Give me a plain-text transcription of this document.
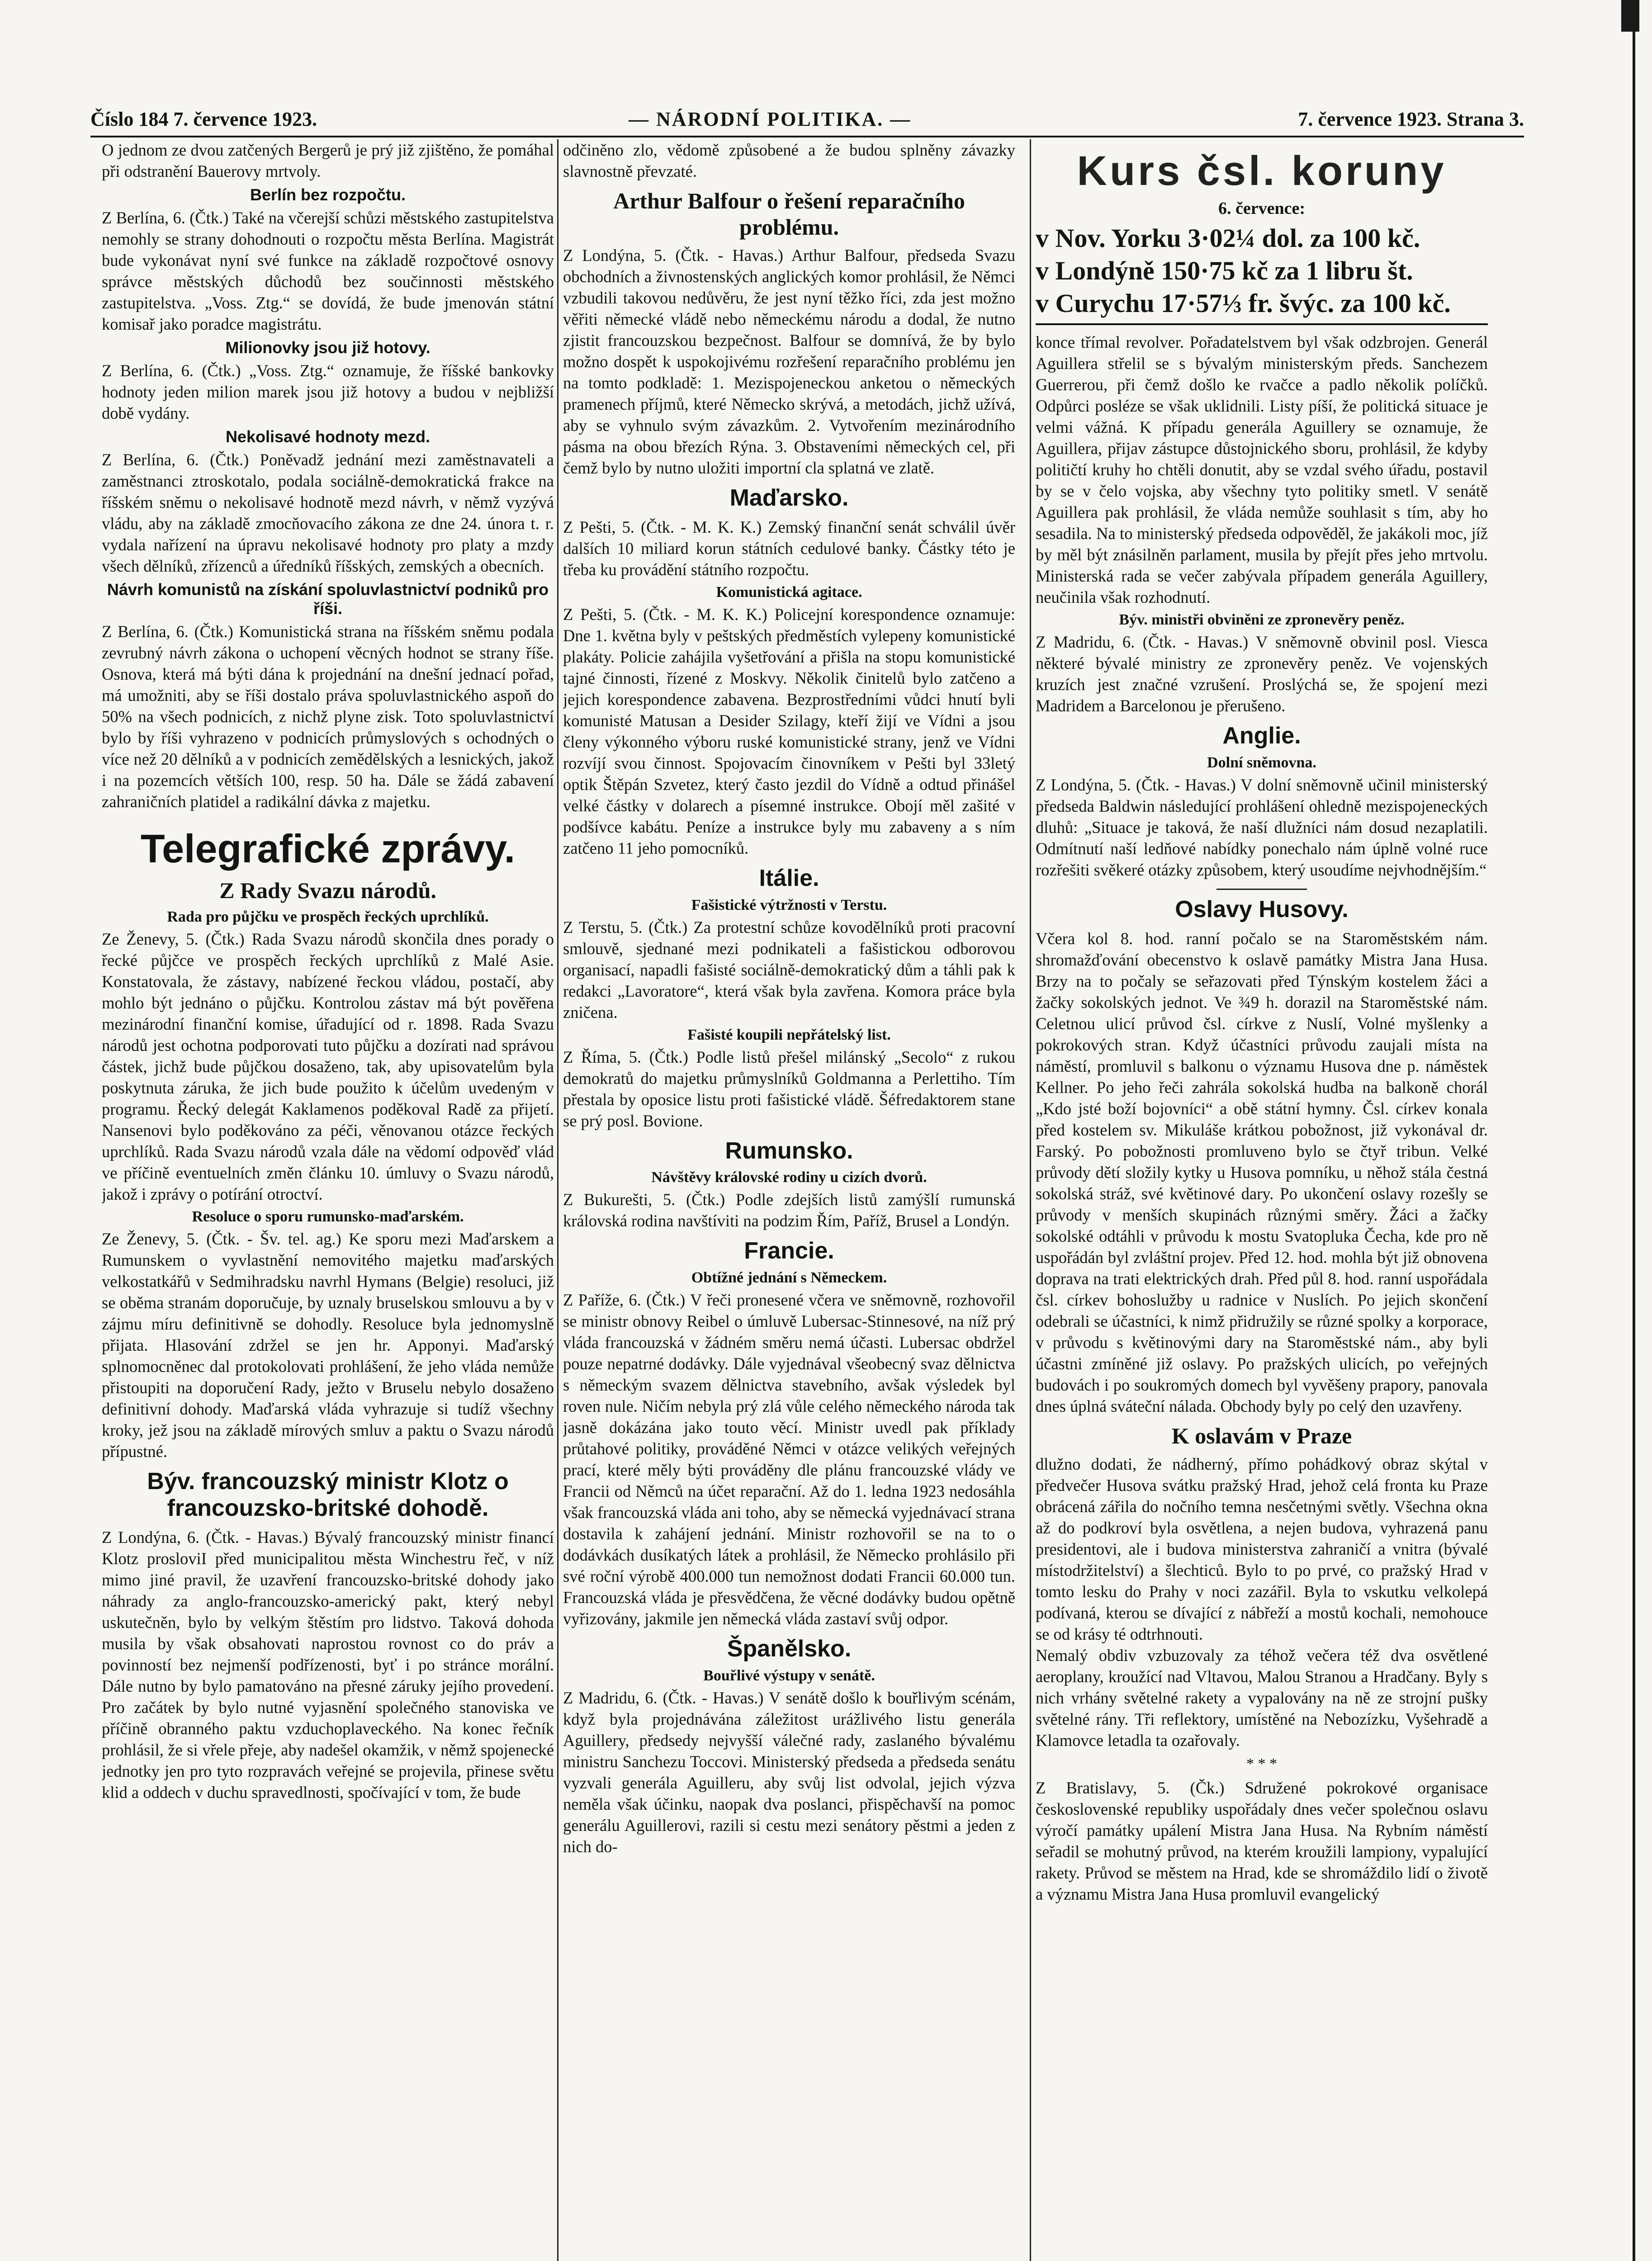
Číslo 184 7. července 1923.	— NÁRODNÍ POLITIKA. —	7. července 1923. Strana 3.

O jednom ze dvou zatčených Bergerů je prý již zjištěno, že pomáhal při odstranění Bauerovy mrtvoly.

Berlín bez rozpočtu.

Z Berlína, 6. (Čtk.) Také na včerejší schůzi městského zastupitelstva nemohly se strany dohodnouti o rozpočtu města Berlína. Magistrát bude vykonávat nyní své funkce na základě rozpočtové osnovy správce městských důchodů bez součinnosti městského zastupitelstva. „Voss. Ztg.“ se dovídá, že bude jmenován státní komisař jako poradce magistrátu.

Milionovky jsou již hotovy.

Z Berlína, 6. (Čtk.) „Voss. Ztg.“ oznamuje, že říšské bankovky hodnoty jeden milion marek jsou již hotovy a budou v nejbližší době vydány.

Nekolisavé hodnoty mezd.

Z Berlína, 6. (Čtk.) Poněvadž jednání mezi zaměstnavateli a zaměstnanci ztroskotalo, podala sociálně-demokratická frakce na říšském sněmu o nekolisavé hodnotě mezd návrh, v němž vyzývá vládu, aby na základě zmocňovacího zákona ze dne 24. února t. r. vydala nařízení na úpravu nekolisavé hodnoty pro platy a mzdy všech dělníků, zřízenců a úředníků říšských, zemských a obecních.

Návrh komunistů na získání spoluvlastnictví podniků pro říši.

Z Berlína, 6. (Čtk.) Komunistická strana na říšském sněmu podala zevrubný návrh zákona o uchopení věcných hodnot se strany říše. Osnova, která má býti dána k projednání na dnešní jednací pořad, má umožniti, aby se říši dostalo práva spoluvlastnického aspoň do 50% na všech podnicích, z nichž plyne zisk. Toto spoluvlastnictví bylo by říši vyhrazeno v podnicích průmyslových s ochodných o více než 20 dělníků a v podnicích zemědělských a lesnických, jakož i na pozemcích větších 100, resp. 50 ha. Dále se žádá zabavení zahraničních platidel a radikální dávka z majetku.

Telegrafické zprávy.
Z Rady Svazu národů.
Rada pro půjčku ve prospěch řeckých uprchlíků.

Ze Ženevy, 5. (Čtk.) Rada Svazu národů skončila dnes porady o řecké půjčce ve prospěch řeckých uprchlíků z Malé Asie. Konstatovala, že zástavy, nabízené řeckou vládou, postačí, aby mohlo být jednáno o půjčku. Kontrolou zástav má být pověřena mezinárodní finanční komise, úřadující od r. 1898. Rada Svazu národů jest ochotna podporovati tuto půjčku a dozírati nad správou částek, jichž bude půjčkou dosaženo, tak, aby upisovatelům byla poskytnuta záruka, že jich bude použito k účelům uvedeným v programu. Řecký delegát Kaklamenos poděkoval Radě za přijetí. Nansenovi bylo poděkováno za péči, věnovanou otázce řeckých uprchlíků. Rada Svazu národů vzala dále na vědomí odpověď vlád ve příčině eventuelních změn článku 10. úmluvy o Svazu národů, jakož i zprávy o potírání otroctví.

Resoluce o sporu rumunsko-maďarském.

Ze Ženevy, 5. (Čtk. - Šv. tel. ag.) Ke sporu mezi Maďarskem a Rumunskem o vyvlastnění nemovitého majetku maďarských velkostatkářů v Sedmihradsku navrhl Hymans (Belgie) resoluci, již se oběma stranám doporučuje, by uznaly bruselskou smlouvu a by v zájmu míru definitivně se dohodly. Resoluce byla jednomyslně přijata. Hlasování zdržel se jen hr. Apponyi. Maďarský splnomocněnec dal protokolovati prohlášení, že jeho vláda nemůže přistoupiti na doporučení Rady, ježto v Bruselu nebylo dosaženo definitivní dohody. Maďarská vláda vyhrazuje si tudíž všechny kroky, jež jsou na základě mírových smluv a paktu o Svazu národů přípustné.

Býv. francouzský ministr Klotz o francouzsko-britské dohodě.

Z Londýna, 6. (Čtk. - Havas.) Bývalý francouzský ministr financí Klotz prosloviI před municipalitou města Winchestru řeč, v níž mimo jiné pravil, že uzavření francouzsko-britské dohody jako náhrady za anglo-francouzsko-americký pakt, který nebyl uskutečněn, bylo by velkým štěstím pro lidstvo. Taková dohoda musila by však obsahovati naprostou rovnost co do práv a povinností bez nejmenší podřízenosti, byť i po stránce morální. Dále nutno by bylo pamatováno na přesné záruky jejího provedení. Pro začátek by bylo nutné vyjasnění společného stanoviska ve příčině obranného paktu vzduchoplaveckého. Na konec řečník prohlásil, že si vřele přeje, aby nadešel okamžik, v němž spojenecké jednotky jen pro tyto rozpravách veřejné se projevila, přinese světu klid a oddech v duchu spravedlnosti, spočívající v tom, že bude

odčiněno zlo, vědomě způsobené a že budou splněny závazky slavnostně převzaté.

Arthur Balfour o řešení reparačního problému.

Z Londýna, 5. (Čtk. - Havas.) Arthur Balfour, předseda Svazu obchodních a živnostenských anglických komor prohlásil, že Němci vzbudili takovou nedůvěru, že jest nyní těžko říci, zda jest možno věřiti německé vládě nebo německému národu a dodal, že nutno zjistit francouzskou bezpečnost. Balfour se domnívá, že by bylo možno dospět k uspokojivému rozřešení reparačního problému jen na tomto podkladě: 1. Mezispojeneckou anketou o německých pramenech příjmů, které Německo skrývá, a metodách, jichž užívá, aby se vyhnulo svým závazkům. 2. Vytvořením mezinárodního pásma na obou březích Rýna. 3. Obstaveními německých cel, při čemž bylo by nutno uložiti importní cla splatná ve zlatě.

Maďarsko.

Z Pešti, 5. (Čtk. - M. K. K.) Zemský finanční senát schválil úvěr dalších 10 miliard korun státních cedulové banky. Částky této je třeba ku provádění státního rozpočtu.

Komunistická agitace.

Z Pešti, 5. (Čtk. - M. K. K.) Policejní korespondence oznamuje: Dne 1. května byly v peštských předměstích vylepeny komunistické plakáty. Policie zahájila vyšetřování a přišla na stopu komunistické tajné činnosti, řízené z Moskvy. Několik činitelů bylo zatčeno a jejich korespondence zabavena. Bezprostředními vůdci hnutí byli komunisté Matusan a Desider Szilagy, kteří žijí ve Vídni a jsou členy výkonného výboru ruské komunistické strany, jenž ve Vídni rozvíjí svou činnost. Spojovacím činovníkem v Pešti byl 33letý optik Štěpán Szvetez, který často jezdil do Vídně a odtud přinášel velké částky v dolarech a písemné instrukce. Obojí měl zašité v podšívce kabátu. Peníze a instrukce byly mu zabaveny a s ním zatčeno 11 jeho pomocníků.

Itálie.
Fašistické výtržnosti v Terstu.

Z Terstu, 5. (Čtk.) Za protestní schůze kovodělníků proti pracovní smlouvě, sjednané mezi podnikateli a fašistickou odborovou organisací, napadli fašisté sociálně-demokratický dům a táhli pak k redakci „Lavoratore“, která však byla zavřena. Komora práce byla zničena.

Fašisté koupili nepřátelský list.

Z Říma, 5. (Čtk.) Podle listů přešel milánský „Secolo“ z rukou demokratů do majetku průmyslníků Goldmanna a Perlettiho. Tím přestala by oposice listu proti fašistické vládě. Šéfredaktorem stane se prý posl. Bovione.

Rumunsko.
Návštěvy královské rodiny u cizích dvorů.

Z Bukurešti, 5. (Čtk.) Podle zdejších listů zamýšlí rumunská královská rodina navštíviti na podzim Řím, Paříž, Brusel a Londýn.

Francie.
Obtížné jednání s Německem.

Z Paříže, 6. (Čtk.) V řeči pronesené včera ve sněmovně, rozhovořil se ministr obnovy Reibel o úmluvě Lubersac-Stinnesové, na níž prý vláda francouzská v žádném směru nemá účasti. Lubersac obdržel pouze nepatrné dodávky. Dále vyjednával všeobecný svaz dělnictva s německým svazem dělnictva stavebního, avšak výsledek byl roven nule. Ničím nebyla prý zlá vůle celého německého národa tak jasně dokázána jako touto věcí. Ministr uvedl pak příklady průtahové politiky, prováděné Němci v otázce velikých veřejných prací, které měly býti prováděny dle plánu francouzské vlády ve Francii od Němců na účet reparační. Až do 1. ledna 1923 nedosáhla však francouzská vláda ani toho, aby se německá vyjednávací strana dostavila k zahájení jednání. Ministr rozhovořil se na to o dodávkách dusíkatých látek a prohlásil, že Německo prohlásilo při své roční výrobě 400.000 tun nemožnost dodati Francii 60.000 tun. Francouzská vláda je přesvědčena, že věcné dodávky budou opětně vyřizovány, jakmile jen německá vláda zastaví svůj odpor.

Španělsko.
Bouřlivé výstupy v senátě.

Z Madridu, 6. (Čtk. - Havas.) V senátě došlo k bouřlivým scénám, když byla projednávána záležitost urážlivého listu generála Aguillery, předsedy nejvyšší válečné rady, zaslaného bývalému ministru Sanchezu Toccovi. Ministerský předseda a předseda senátu vyzvali generála Aguilleru, aby svůj list odvolal, jejich výzva neměla však účinku, naopak dva poslanci, přispěchavší na pomoc generálu Aguillerovi, razili si cestu mezi senátory pěstmi a jeden z nich do-

Kurs čsl. koruny
6. července:

v Nov. Yorku 3·02¼ dol. za 100 kč.

v Londýně 150·75 kč za 1 libru št.

v Curychu 17·57⅓ fr. švýc. za 100 kč.

konce třímal revolver. Pořadatelstvem byl však odzbrojen. Generál Aguillera střelil se s bývalým ministerským předs. Sanchezem Guerrerou, při čemž došlo ke rvačce a padlo několik políčků. Odpůrci posléze se však uklidnili. Listy píší, že politická situace je velmi vážná. K případu generála Aguillery se oznamuje, že Aguillera, přijav zástupce důstojnického sboru, prohlásil, že kdyby političtí kruhy ho chtěli donutit, aby se vzdal svého úřadu, postavil by se v čelo vojska, aby všechny tyto politiky smetl. V senátě Aguillera pak prohlásil, že vláda nemůže souhlasit s tím, aby ho sesadila. Na to ministerský předseda odpověděl, že jakákoli moc, jíž by měl být znásilněn parlament, musila by přejít přes jeho mrtvolu. Ministerská rada se večer zabývala případem generála Aguillery, neučinila však rozhodnutí.

Býv. ministři obviněni ze zpronevěry peněz.

Z Madridu, 6. (Čtk. - Havas.) V sněmovně obvinil posl. Viesca některé bývalé ministry ze zpronevěry peněz. Ve vojenských kruzích jest značné vzrušení. Proslýchá se, že spojení mezi Madridem a Barcelonou je přerušeno.

Anglie.
Dolní sněmovna.

Z Londýna, 5. (Čtk. - Havas.) V dolní sněmovně učinil ministerský předseda Baldwin následující prohlášení ohledně mezispojeneckých dluhů: „Situace je taková, že naší dlužníci nám dosud nezaplatili. Odmítnutí naší ledňové nabídky ponechalo nám úplně volné ruce rozřešiti svěkeré otázky způsobem, který usoudíme nejvhodnějším.“

Oslavy Husovy.

Včera kol 8. hod. ranní počalo se na Staroměstském nám. shromažďování obecenstvo k oslavě památky Mistra Jana Husa. Brzy na to počaly se seřazovati před Týnským kostelem žáci a žačky sokolských jednot. Ve ¾9 h. dorazil na Staroměstské nám. Celetnou ulicí průvod čsl. církve z Nuslí, Volné myšlenky a pokrokových stran. Když účastníci průvodu zaujali místa na náměstí, promluvil s balkonu o významu Husova dne p. náměstek Kellner. Po jeho řeči zahrála sokolská hudba na balkoně chorál „Kdo jsté boží bojovníci“ a obě státní hymny. Čsl. církev konala před kostelem sv. Mikuláše krátkou pobožnost, již vykonával dr. Farský. Po pobožnosti promluveno bylo se čtyř tribun. Velké průvody dětí složily kytky u Husova pomníku, u něhož stála čestná sokolská stráž, své květinové dary. Po ukončení oslavy rozešly se průvody v menších skupinách různými směry. Žáci a žačky sokolské odtáhli v průvodu k mostu Svatopluka Čecha, kde pro ně uspořádán byl zvláštní projev. Před 12. hod. mohla být již obnovena doprava na trati elektrických drah. Před půl 8. hod. ranní uspořádala čsl. církev bohoslužby u radnice v Nuslích. Po jejich skončení odebrali se účastníci, k nimž přidružily se různé spolky a korporace, v průvodu s květinovými dary na Staroměstské nám., aby byli účastni zmíněné již oslavy. Po pražských ulicích, po veřejných budovách i po soukromých domech byl vyvěšeny prapory, panovala dnes úplná sváteční nálada. Obchody byly po celý den uzavřeny.

K oslavám v Praze

dlužno dodati, že nádherný, přímo pohádkový obraz skýtal v předvečer Husova svátku pražský Hrad, jehož celá fronta ku Praze obrácená zářila do nočního temna nesčetnými světly. Všechna okna až do podkroví byla osvětlena, a nejen budova, vyhrazená panu presidentovi, ale i budova ministerstva zahraničí a vnitra (bývalé místodržitelství) a šlechticů. Bylo to po prvé, co pražský Hrad v tomto lesku do Prahy v noci zazářil. Byla to vskutku velkolepá podívaná, kterou se dívající z nábřeží a mostů kochali, nemohouce se od krásy té odtrhnouti.

Nemalý obdiv vzbuzovaly za téhož večera též dva osvětlené aeroplany, kroužící nad Vltavou, Malou Stranou a Hradčany. Byly s nich vrhány světelné rakety a vypalovány na ně ze strojní pušky světelné rány. Tři reflektory, umístěné na Nebozízku, Vyšehradě a Klamovce letadla ta ozařovaly.

* * *

Z Bratislavy, 5. (Čk.) Sdružené pokrokové organisace československé republiky uspořádaly dnes večer společnou oslavu výročí památky upálení Mistra Jana Husa. Na Rybním náměstí seřadil se mohutný průvod, na kterém kroužili lampiony, vypalující rakety. Průvod se městem na Hrad, kde se shromáždilo lidí o životě a významu Mistra Jana Husa promluvil evangelický
